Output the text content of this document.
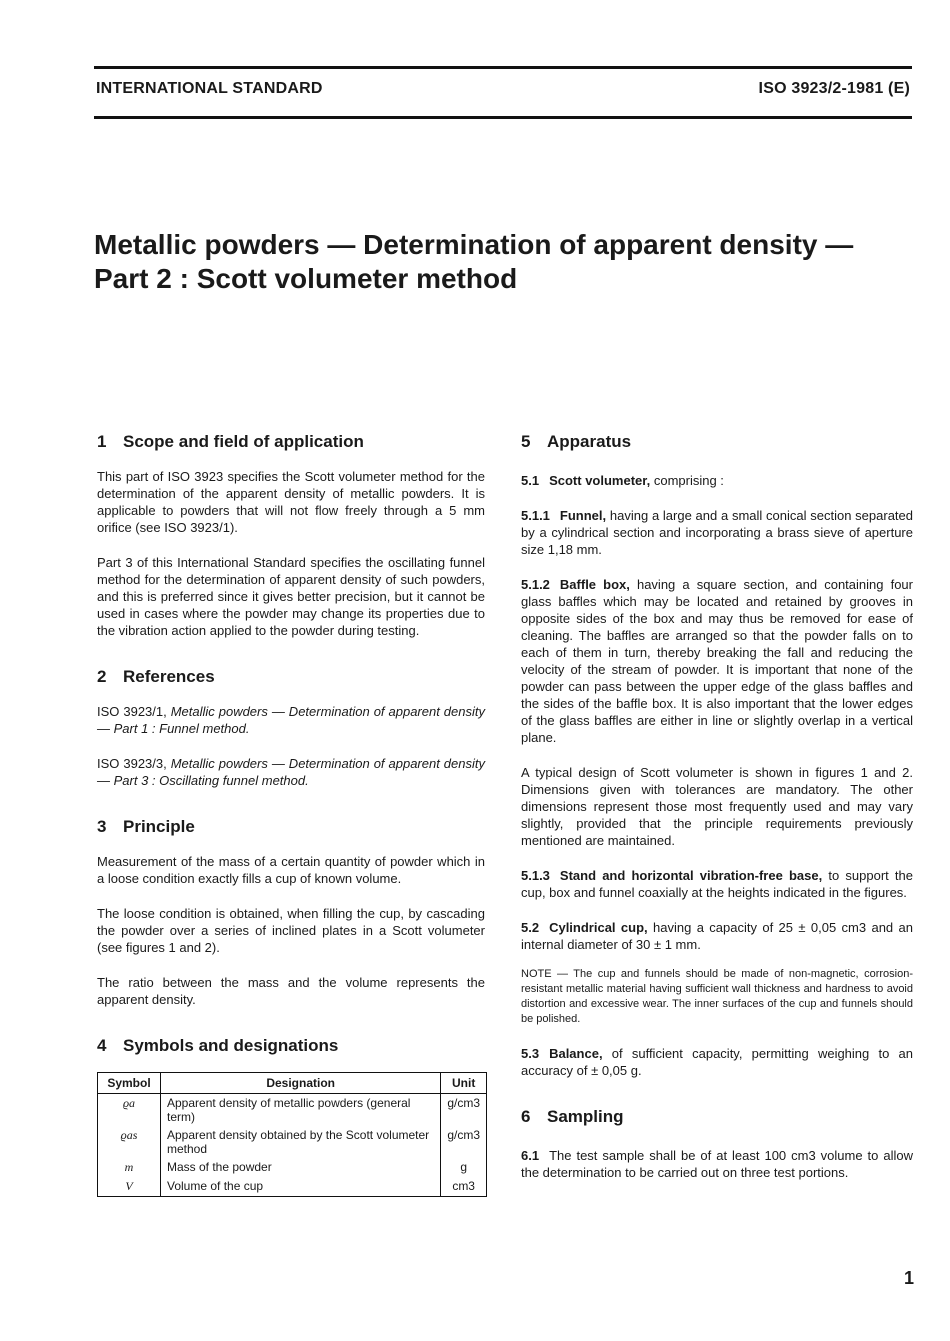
INTERNATIONAL STANDARD	ISO 3923/2-1981 (E)
Metallic powders — Determination of apparent density —
Part 2 : Scott volumeter method
1 Scope and field of application

This part of ISO 3923 specifies the Scott volumeter method for the determination of the apparent density of metallic powders. It is applicable to powders that will not flow freely through a 5 mm orifice (see ISO 3923/1).

Part 3 of this International Standard specifies the oscillating funnel method for the determination of apparent density of such powders, and this is preferred since it gives better precision, but it cannot be used in cases where the powder may change its properties due to the vibration action applied to the powder during testing.

2 References

ISO 3923/1, Metallic powders — Determination of apparent density — Part 1 : Funnel method.

ISO 3923/3, Metallic powders — Determination of apparent density — Part 3 : Oscillating funnel method.

3 Principle

Measurement of the mass of a certain quantity of powder which in a loose condition exactly fills a cup of known volume.

The loose condition is obtained, when filling the cup, by cascading the powder over a series of inclined plates in a Scott volumeter (see figures 1 and 2).

The ratio between the mass and the volume represents the apparent density.

4 Symbols and designations
Symbol	Designation	Unit
ϱa	Apparent density of metallic powders (general term)	g/cm3
ϱas	Apparent density obtained by the Scott volumeter method	g/cm3
m	Mass of the powder	g
V	Volume of the cup	cm3
5 Apparatus

5.1 Scott volumeter, comprising :

5.1.1 Funnel, having a large and a small conical section separated by a cylindrical section and incorporating a brass sieve of aperture size 1,18 mm.

5.1.2 Baffle box, having a square section, and containing four glass baffles which may be located and retained by grooves in opposite sides of the box and may thus be removed for ease of cleaning. The baffles are arranged so that the powder falls on to each of them in turn, thereby breaking the fall and reducing the velocity of the stream of powder. It is important that none of the powder can pass between the upper edge of the glass baffles and the sides of the baffle box. It is also important that the lower edges of the glass baffles are either in line or slightly overlap in a vertical plane.

A typical design of Scott volumeter is shown in figures 1 and 2. Dimensions given with tolerances are mandatory. The other dimensions represent those most frequently used and may vary slightly, provided that the principle requirements previously mentioned are maintained.

5.1.3 Stand and horizontal vibration-free base, to support the cup, box and funnel coaxially at the heights indicated in the figures.

5.2 Cylindrical cup, having a capacity of 25 ± 0,05 cm3 and an internal diameter of 30 ± 1 mm.

NOTE — The cup and funnels should be made of non-magnetic, corrosion-resistant metallic material having sufficient wall thickness and hardness to avoid distortion and excessive wear. The inner surfaces of the cup and funnels should be polished.

5.3 Balance, of sufficient capacity, permitting weighing to an accuracy of ± 0,05 g.

6 Sampling

6.1 The test sample shall be of at least 100 cm3 volume to allow the determination to be carried out on three test portions.

1
